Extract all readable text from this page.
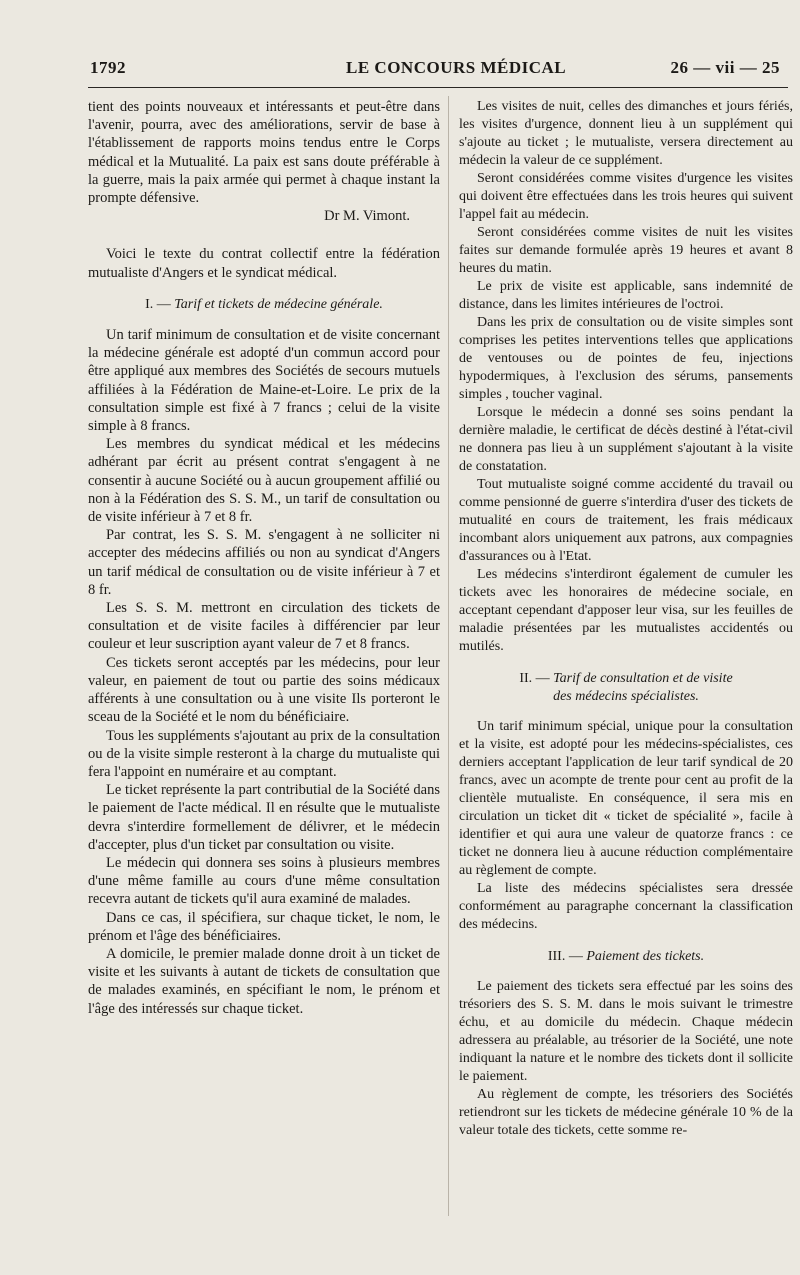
1792	LE CONCOURS MÉDICAL	26 — vii — 25

tient des points nouveaux et intéressants et peut-être dans l'avenir, pourra, avec des améliorations, servir de base à l'établissement de rapports moins tendus entre le Corps médical et la Mutualité. La paix est sans doute préférable à la guerre, mais la paix armée qui permet à chaque instant la prompte défensive.

Dr M. Vimont.

Voici le texte du contrat collectif entre la fédération mutualiste d'Angers et le syndicat médical.

I. — Tarif et tickets de médecine générale.

Un tarif minimum de consultation et de visite concernant la médecine générale est adopté d'un commun accord pour être appliqué aux membres des Sociétés de secours mutuels affiliées à la Fédération de Maine-et-Loire. Le prix de la consultation simple est fixé à 7 francs ; celui de la visite simple à 8 francs.

Les membres du syndicat médical et les médecins adhérant par écrit au présent contrat s'engagent à ne consentir à aucune Société ou à aucun groupement affilié ou non à la Fédération des S. S. M., un tarif de consultation ou de visite inférieur à 7 et 8 fr.

Par contrat, les S. S. M. s'engagent à ne solliciter ni accepter des médecins affiliés ou non au syndicat d'Angers un tarif médical de consultation ou de visite inférieur à 7 et 8 fr.

Les S. S. M. mettront en circulation des tickets de consultation et de visite faciles à différencier par leur couleur et leur suscription ayant valeur de 7 et 8 francs.

Ces tickets seront acceptés par les médecins, pour leur valeur, en paiement de tout ou partie des soins médicaux afférents à une consultation ou à une visite Ils porteront le sceau de la Société et le nom du bénéficiaire.

Tous les suppléments s'ajoutant au prix de la consultation ou de la visite simple resteront à la charge du mutualiste qui fera l'appoint en numéraire et au comptant.

Le ticket représente la part contributial de la Société dans le paiement de l'acte médical. Il en résulte que le mutualiste devra s'interdire formellement de délivrer, et le médecin d'accepter, plus d'un ticket par consultation ou visite.

Le médecin qui donnera ses soins à plusieurs membres d'une même famille au cours d'une même consultation recevra autant de tickets qu'il aura examiné de malades.

Dans ce cas, il spécifiera, sur chaque ticket, le nom, le prénom et l'âge des bénéficiaires.

A domicile, le premier malade donne droit à un ticket de visite et les suivants à autant de tickets de consultation que de malades examinés, en spécifiant le nom, le prénom et l'âge des intéressés sur chaque ticket.

Les visites de nuit, celles des dimanches et jours fériés, les visites d'urgence, donnent lieu à un supplément qui s'ajoute au ticket ; le mutualiste, versera directement au médecin la valeur de ce supplément.

Seront considérées comme visites d'urgence les visites qui doivent être effectuées dans les trois heures qui suivent l'appel fait au médecin.

Seront considérées comme visites de nuit les visites faites sur demande formulée après 19 heures et avant 8 heures du matin.

Le prix de visite est applicable, sans indemnité de distance, dans les limites intérieures de l'octroi.

Dans les prix de consultation ou de visite simples sont comprises les petites interventions telles que applications de ventouses ou de pointes de feu, injections hypodermiques, à l'exclusion des sérums, pansements simples , toucher vaginal.

Lorsque le médecin a donné ses soins pendant la dernière maladie, le certificat de décès destiné à l'état-civil ne donnera pas lieu à un supplément s'ajoutant à la visite de constatation.

Tout mutualiste soigné comme accidenté du travail ou comme pensionné de guerre s'interdira d'user des tickets de mutualité en cours de traitement, les frais médicaux incombant alors uniquement aux patrons, aux compagnies d'assurances ou à l'Etat.

Les médecins s'interdiront également de cumuler les tickets avec les honoraires de médecine sociale, en acceptant cependant d'apposer leur visa, sur les feuilles de maladie présentées par les mutualistes accidentés ou mutilés.

II. — Tarif de consultation et de visite
des médecins spécialistes.

Un tarif minimum spécial, unique pour la consultation et la visite, est adopté pour les médecins-spécialistes, ces derniers acceptant l'application de leur tarif syndical de 20 francs, avec un acompte de trente pour cent au profit de la clientèle mutualiste. En conséquence, il sera mis en circulation un ticket dit « ticket de spécialité », facile à identifier et qui aura une valeur de quatorze francs : ce ticket ne donnera lieu à aucune réduction complémentaire au règlement de compte.

La liste des médecins spécialistes sera dressée conformément au paragraphe concernant la classification des médecins.

III. — Paiement des tickets.

Le paiement des tickets sera effectué par les soins des trésoriers des S. S. M. dans le mois suivant le trimestre échu, et au domicile du médecin. Chaque médecin adressera au préalable, au trésorier de la Société, une note indiquant la nature et le nombre des tickets dont il sollicite le paiement.

Au règlement de compte, les trésoriers des Sociétés retiendront sur les tickets de médecine générale 10 % de la valeur totale des tickets, cette somme re-
